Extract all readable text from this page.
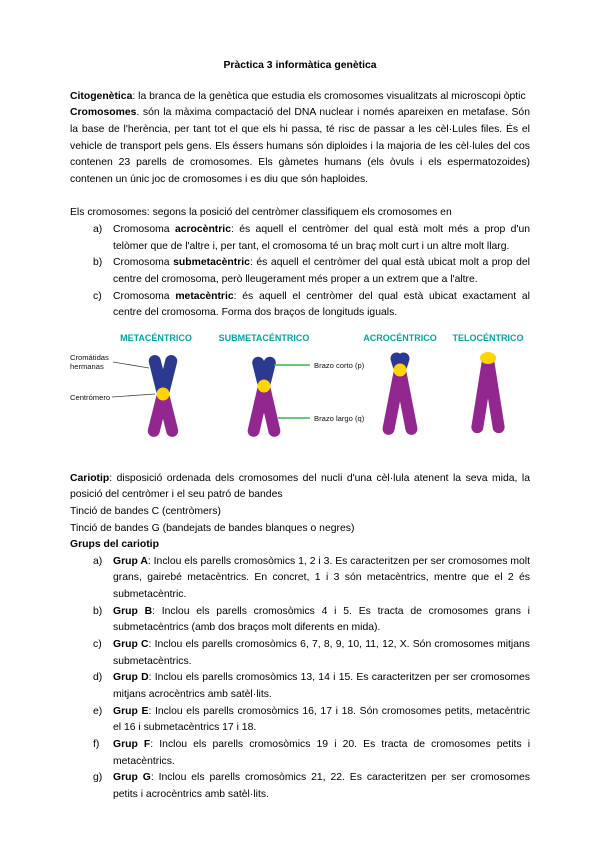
Pràctica 3 informàtica genètica

Citogenètica: la branca de la genètica que estudia els cromosomes visualitzats al microscopi òptic

Cromosomes. són la màxima compactació del DNA nuclear i només apareixen en metafase. Són la base de l'herència, per tant tot el que els hi passa, té risc de passar a les cèl·Lules files. És el vehicle de transport pels gens. Els éssers humans són diploides i la majoria de les cèl·lules del cos contenen 23 parells de cromosomes. Els gàmetes humans (els òvuls i els espermatozoides) contenen un únic joc de cromosomes i es diu que són haploides.

Els cromosomes: segons la posició del centròmer classifiquem els cromosomes en

a)	Cromosoma acrocèntric: és aquell el centròmer del qual està molt més a prop d'un telòmer que de l'altre i, per tant, el cromosoma té un braç molt curt i un altre molt llarg.
b)	Cromosoma submetacèntric: és aquell el centròmer del qual està ubicat molt a prop del centre del cromosoma, però lleugerament més proper a un extrem que a l'altre.
c)	Cromosoma metacèntric: és aquell el centròmer del qual està ubicat exactament al centre del cromosoma. Forma dos braços de longituds iguals.
METACÉNTRICO	SUBMETACÉNTRICO	ACROCÉNTRICO TELOCÉNTRICO
Cromátidas
hermanas
Centrómero
Brazo corto (p)
Brazo largo (q)

Cariotip: disposició ordenada dels cromosomes del nucli d'una cèl·lula atenent la seva mida, la posició del centròmer i el seu patró de bandes

Tinció de bandes C (centròmers)

Tinció de bandes G (bandejats de bandes blanques o negres)

Grups del cariotip

a)	Grup A: Inclou els parells cromosòmics 1, 2 i 3. Es caracteritzen per ser cromosomes molt grans, gairebé metacèntrics. En concret, 1 i 3 són metacèntrics, mentre que el 2 és submetacèntric.
b)	Grup B: Inclou els parells cromosòmics 4 i 5. Es tracta de cromosomes grans i submetacèntrics (amb dos braços molt diferents en mida).
c)	Grup C: Inclou els parells cromosòmics 6, 7, 8, 9, 10, 11, 12, X. Són cromosomes mitjans submetacèntrics.
d)	Grup D: Inclou els parells cromosòmics 13, 14 i 15. Es caracteritzen per ser cromosomes mitjans acrocèntrics amb satèl·lits.
e)	Grup E: Inclou els parells cromosòmics 16, 17 i 18. Són cromosomes petits, metacèntric el 16 i submetacèntrics 17 i 18.
f)	Grup F: Inclou els parells cromosòmics 19 i 20. Es tracta de cromosomes petits i metacèntrics.
g)	Grup G: Inclou els parells cromosòmics 21, 22. Es caracteritzen per ser cromosomes petits i acrocèntrics amb satèl·lits.
